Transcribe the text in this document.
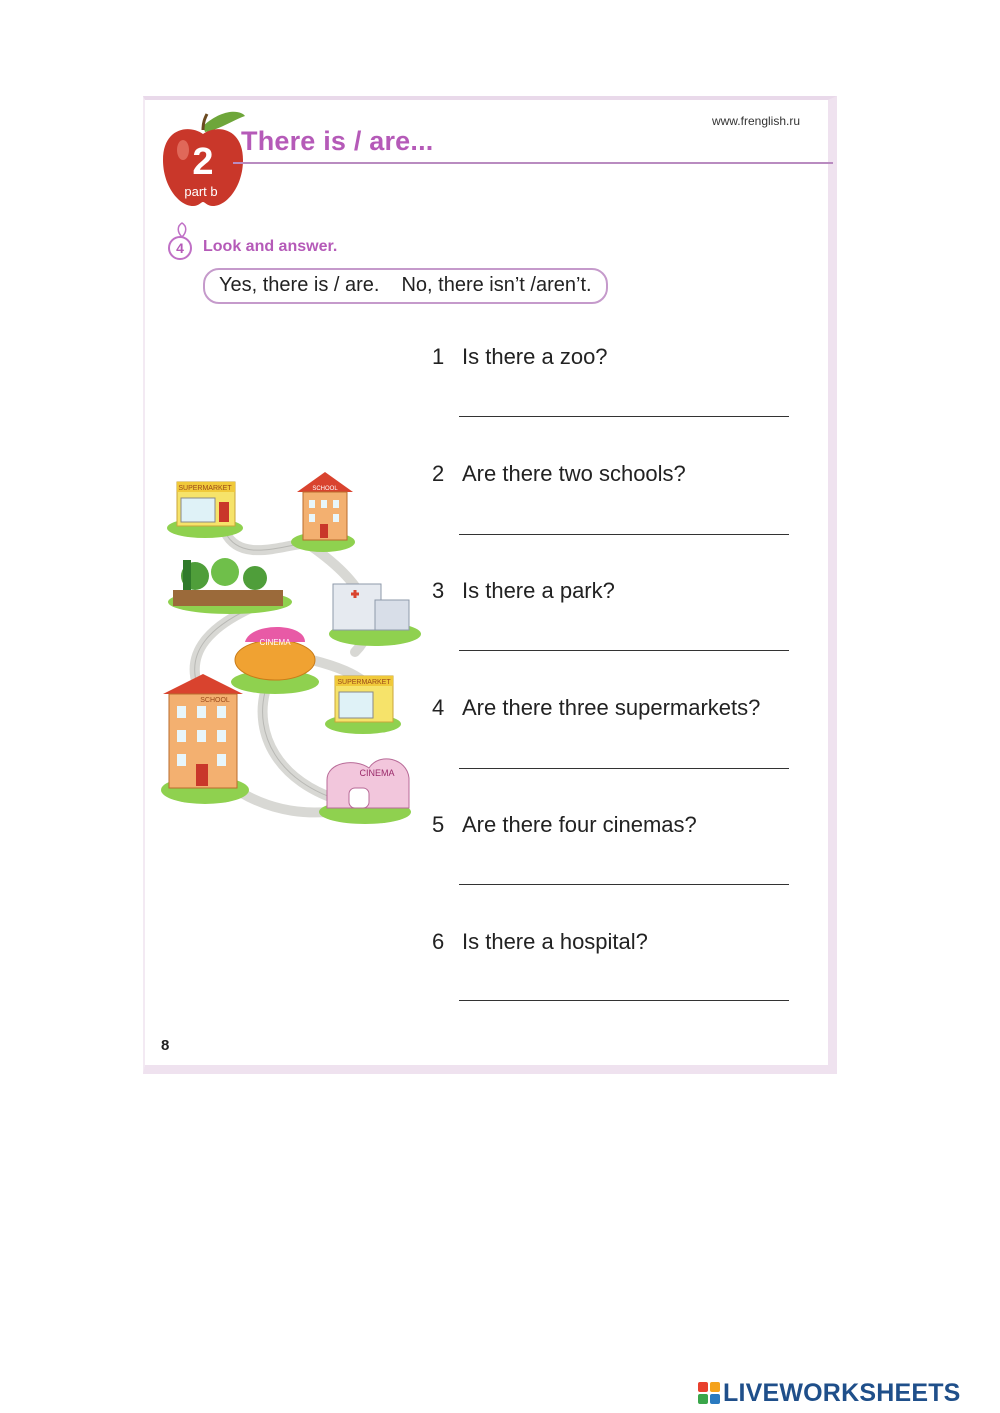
2
part b
There is / are...
www.frenglish.ru
4	Look and answer.
Yes, there is / are. No, there isn’t /aren’t.
CINEMA
SUPERMARKET
SCHOOL
CINEMA
SUPERMARKET	SCHOOL
1 Is there a zoo?
2 Are there two schools?
3 Is there a park?
4 Are there three supermarkets?
5 Are there four cinemas?
6 Is there a hospital?
8
LIVEWORKSHEETS
